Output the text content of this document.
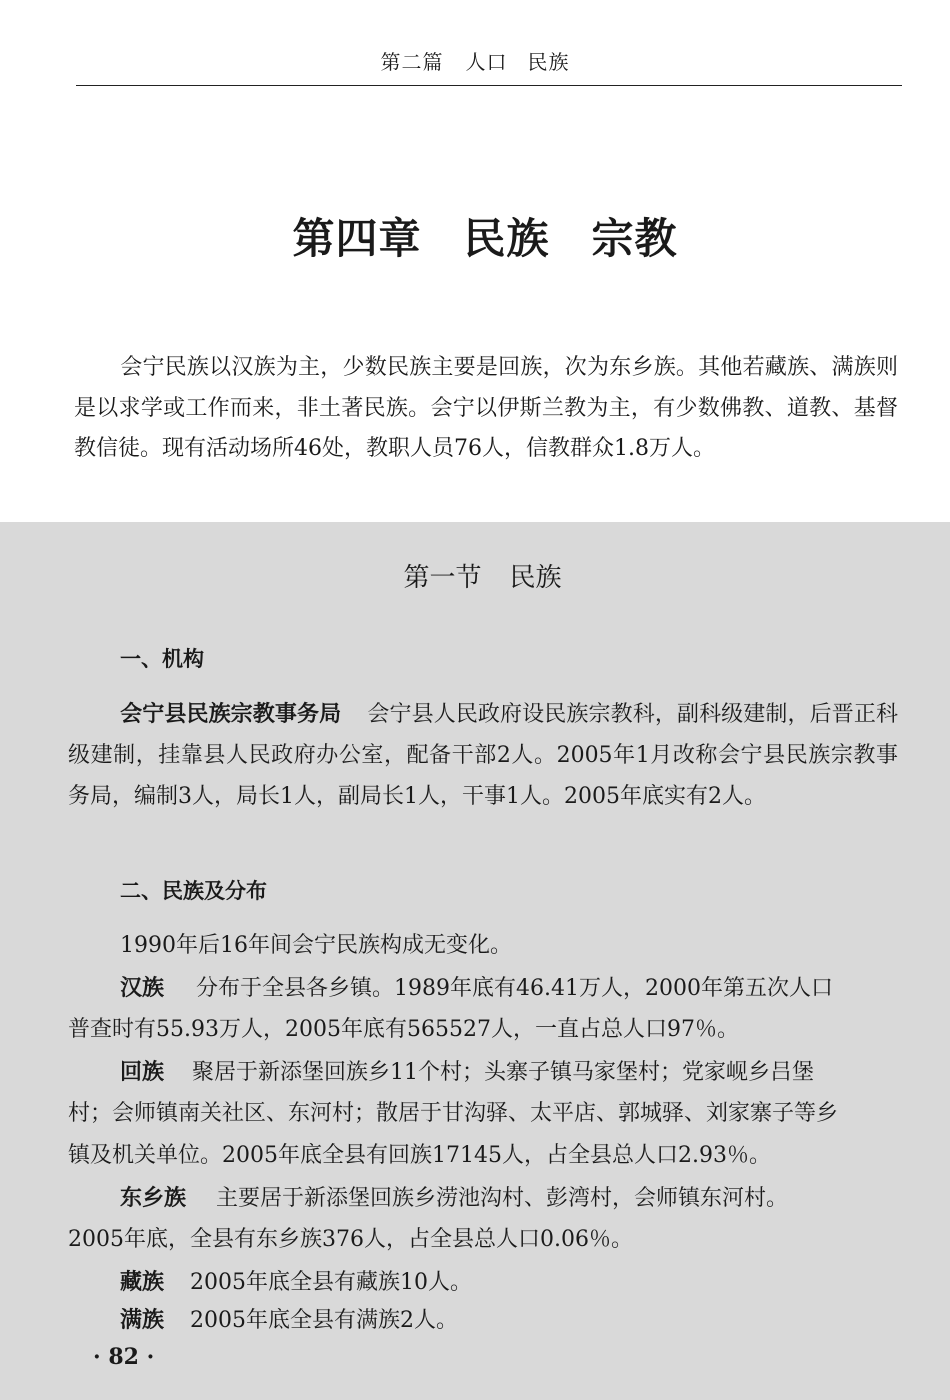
第二篇 人口 民族
第四章 民族 宗教
会宁民族以汉族为主，少数民族主要是回族，次为东乡族。其他若藏族、满族则是以求学或工作而来，非土著民族。会宁以伊斯兰教为主，有少数佛教、道教、基督教信徒。现有活动场所46处，教职人员76人，信教群众1.8万人。
第一节 民族
一、机构
会宁县民族宗教事务局 会宁县人民政府设民族宗教科，副科级建制，后晋正科级建制，挂靠县人民政府办公室，配备干部2人。2005年1月改称会宁县民族宗教事务局，编制3人，局长1人，副局长1人，干事1人。2005年底实有2人。
二、民族及分布
1990年后16年间会宁民族构成无变化。
汉族 分布于全县各乡镇。1989年底有46.41万人，2000年第五次人口
普查时有55.93万人，2005年底有565527人，一直占总人口97％。
回族 聚居于新添堡回族乡11个村；头寨子镇马家堡村；党家岘乡吕堡
村；会师镇南关社区、东河村；散居于甘沟驿、太平店、郭城驿、刘家寨子等乡
镇及机关单位。2005年底全县有回族17145人，占全县总人口2.93％。
东乡族 主要居于新添堡回族乡涝池沟村、彭湾村，会师镇东河村。
2005年底，全县有东乡族376人，占全县总人口0.06％。
藏族 2005年底全县有藏族10人。
满族 2005年底全县有满族2人。
· 82 ·
